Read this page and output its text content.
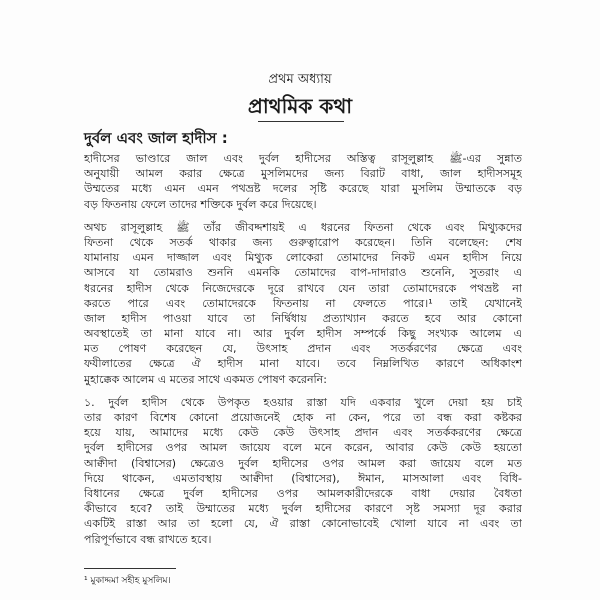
প্রথম অধ্যায়
প্রাথমিক কথা
দুর্বল এবং জাল হাদীস :
হাদীসের ভাণ্ডারে জাল এবং দুর্বল হাদীসের অস্তিত্ব রাসূলুল্লাহ ﷺ-এর সুন্নাত
অনুযায়ী আমল করার ক্ষেত্রে মুসলিমদের জন্য বিরাট বাধা, জাল হাদীসসমূহ
উম্মতের মধ্যে এমন এমন পথভ্রষ্ট দলের সৃষ্টি করেছে যারা মুসলিম উম্মাতকে বড়
বড় ফিতনায় ফেলে তাদের শক্তিকে দুর্বল করে দিয়েছে।
অথচ রাসূলুল্লাহ ﷺ তাঁর জীবদ্দশায়ই এ ধরনের ফিতনা থেকে এবং মিথ্যুকদের
ফিতনা থেকে সতর্ক থাকার জন্য গুরুত্বারোপ করেছেন। তিনি বলেছেন: শেষ
যামানায় এমন দাজ্জাল এবং মিথ্যুক লোকেরা তোমাদের নিকট এমন হাদীস নিয়ে
আসবে যা তোমরাও শুননি এমনকি তোমাদের বাপ-দাদারাও শুনেনি, সুতরাং এ
ধরনের হাদীস থেকে নিজেদেরকে দূরে রাখবে যেন তারা তোমাদেরকে পথভ্রষ্ট না
করতে পারে এবং তোমাদেরকে ফিতনায় না ফেলতে পারে।¹ তাই যেখানেই
জাল হাদীস পাওয়া যাবে তা নির্দ্বিধায় প্রত্যাখ্যান করতে হবে আর কোনো
অবস্থাতেই তা মানা যাবে না। আর দুর্বল হাদীস সম্পর্কে কিছু সংখ্যক আলেম এ
মত পোষণ করেছেন যে, উৎসাহ প্রদান এবং সতর্করণের ক্ষেত্রে এবং
ফযীলাতের ক্ষেত্রে ঐ হাদীস মানা যাবে। তবে নিম্নলিখিত কারণে অধিকাংশ
মুহাক্কেক আলেম এ মতের সাথে একমত পোষণ করেননি:
১. দুর্বল হাদীস থেকে উপকৃত হওয়ার রাস্তা যদি একবার খুলে দেয়া হয় চাই
তার কারণ বিশেষ কোনো প্রয়োজনেই হোক না কেন, পরে তা বন্ধ করা কষ্টকর
হয়ে যায়, আমাদের মধ্যে কেউ কেউ উৎসাহ প্রদান এবং সতর্ককরণের ক্ষেত্রে
দুর্বল হাদীসের ওপর আমল জায়েয বলে মনে করেন, আবার কেউ কেউ হয়তো
আক্বীদা (বিশ্বাসের) ক্ষেত্রেও দুর্বল হাদীসের ওপর আমল করা জায়েয বলে মত
দিয়ে থাকেন, এমতাবস্থায় আক্বীদা (বিশ্বাসের), ঈমান, মাসআলা এবং বিধি-
বিধানের ক্ষেত্রে দুর্বল হাদীসের ওপর আমলকারীদেরকে বাধা দেয়ার বৈধতা
কীভাবে হবে? তাই উম্মাতের মধ্যে দুর্বল হাদীসের কারণে সৃষ্ট সমস্যা দূর করার
একটিই রাস্তা আর তা হলো যে, ঐ রাস্তা কোনোভাবেই খোলা যাবে না এবং তা
পরিপূর্ণভাবে বন্ধ রাখতে হবে।
¹ মুকাদ্দমা সহীহ মুসলিম।
